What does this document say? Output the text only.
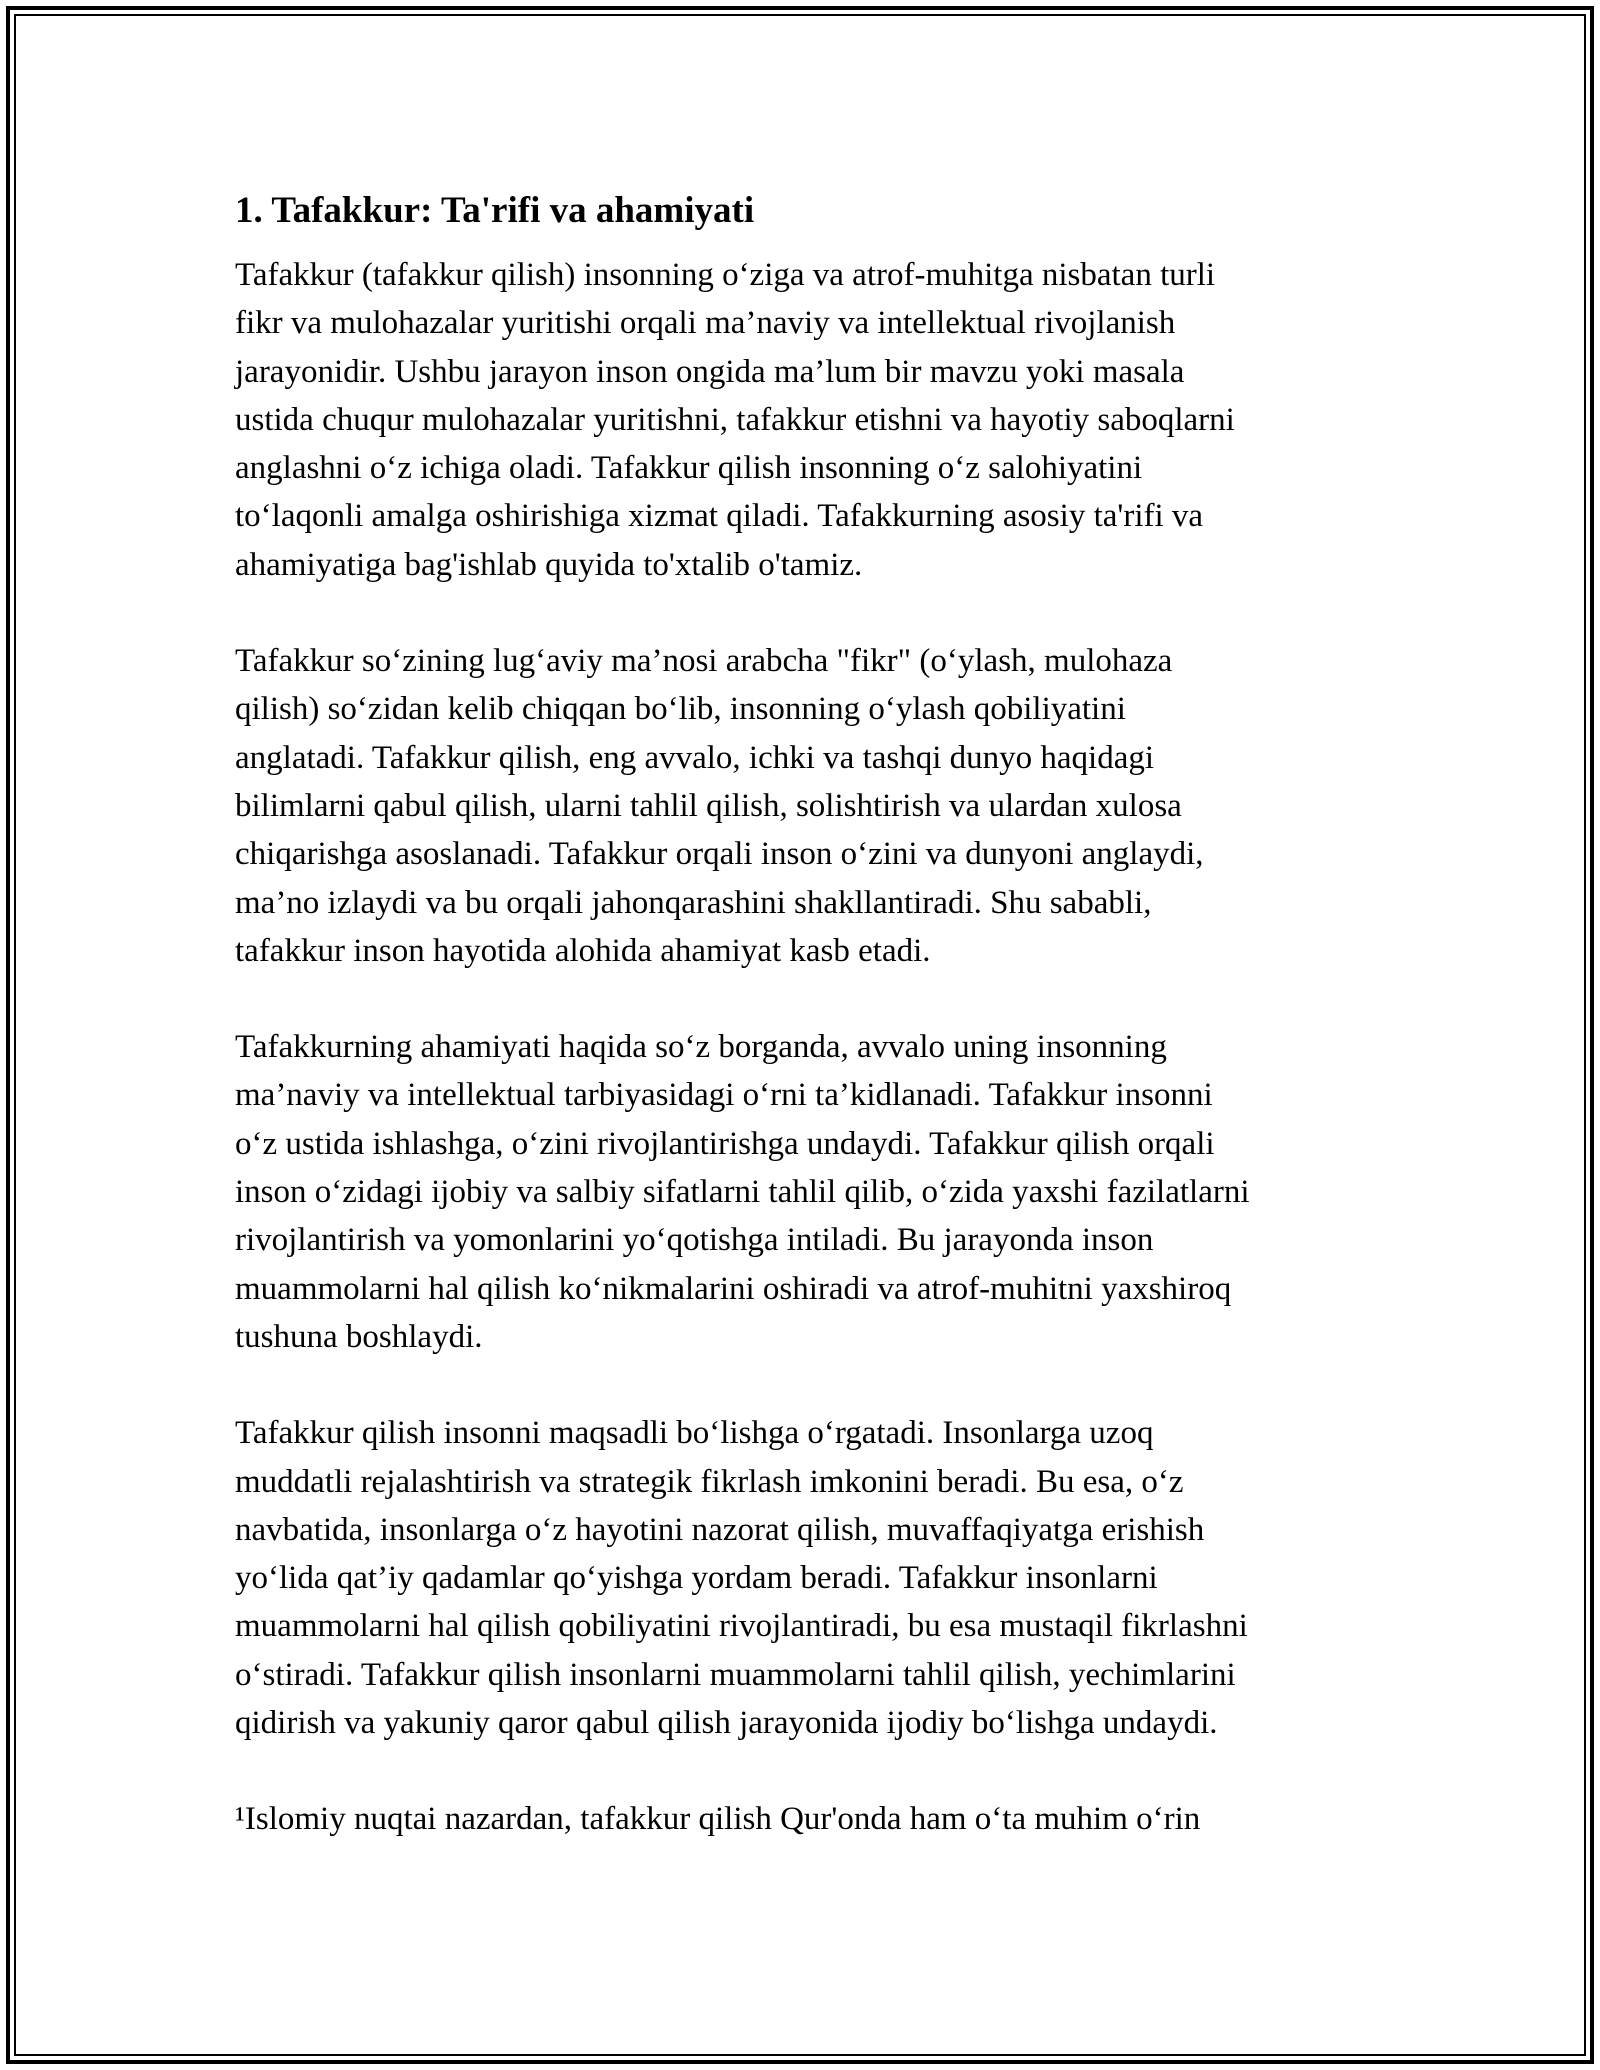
1. Tafakkur: Ta'rifi va ahamiyati
Tafakkur (tafakkur qilish) insonning o‘ziga va atrof-muhitga nisbatan turli
fikr va mulohazalar yuritishi orqali ma’naviy va intellektual rivojlanish
jarayonidir. Ushbu jarayon inson ongida ma’lum bir mavzu yoki masala
ustida chuqur mulohazalar yuritishni, tafakkur etishni va hayotiy saboqlarni
anglashni o‘z ichiga oladi. Tafakkur qilish insonning o‘z salohiyatini
to‘laqonli amalga oshirishiga xizmat qiladi. Tafakkurning asosiy ta'rifi va
ahamiyatiga bag'ishlab quyida to'xtalib o'tamiz.
Tafakkur so‘zining lug‘aviy ma’nosi arabcha "fikr" (o‘ylash, mulohaza
qilish) so‘zidan kelib chiqqan bo‘lib, insonning o‘ylash qobiliyatini
anglatadi. Tafakkur qilish, eng avvalo, ichki va tashqi dunyo haqidagi
bilimlarni qabul qilish, ularni tahlil qilish, solishtirish va ulardan xulosa
chiqarishga asoslanadi. Tafakkur orqali inson o‘zini va dunyoni anglaydi,
ma’no izlaydi va bu orqali jahonqarashini shakllantiradi. Shu sababli,
tafakkur inson hayotida alohida ahamiyat kasb etadi.
Tafakkurning ahamiyati haqida so‘z borganda, avvalo uning insonning
ma’naviy va intellektual tarbiyasidagi o‘rni ta’kidlanadi. Tafakkur insonni
o‘z ustida ishlashga, o‘zini rivojlantirishga undaydi. Tafakkur qilish orqali
inson o‘zidagi ijobiy va salbiy sifatlarni tahlil qilib, o‘zida yaxshi fazilatlarni
rivojlantirish va yomonlarini yo‘qotishga intiladi. Bu jarayonda inson
muammolarni hal qilish ko‘nikmalarini oshiradi va atrof-muhitni yaxshiroq
tushuna boshlaydi.
Tafakkur qilish insonni maqsadli bo‘lishga o‘rgatadi. Insonlarga uzoq
muddatli rejalashtirish va strategik fikrlash imkonini beradi. Bu esa, o‘z
navbatida, insonlarga o‘z hayotini nazorat qilish, muvaffaqiyatga erishish
yo‘lida qat’iy qadamlar qo‘yishga yordam beradi. Tafakkur insonlarni
muammolarni hal qilish qobiliyatini rivojlantiradi, bu esa mustaqil fikrlashni
o‘stiradi. Tafakkur qilish insonlarni muammolarni tahlil qilish, yechimlarini
qidirish va yakuniy qaror qabul qilish jarayonida ijodiy bo‘lishga undaydi.
¹Islomiy nuqtai nazardan, tafakkur qilish Qur'onda ham o‘ta muhim o‘rin
